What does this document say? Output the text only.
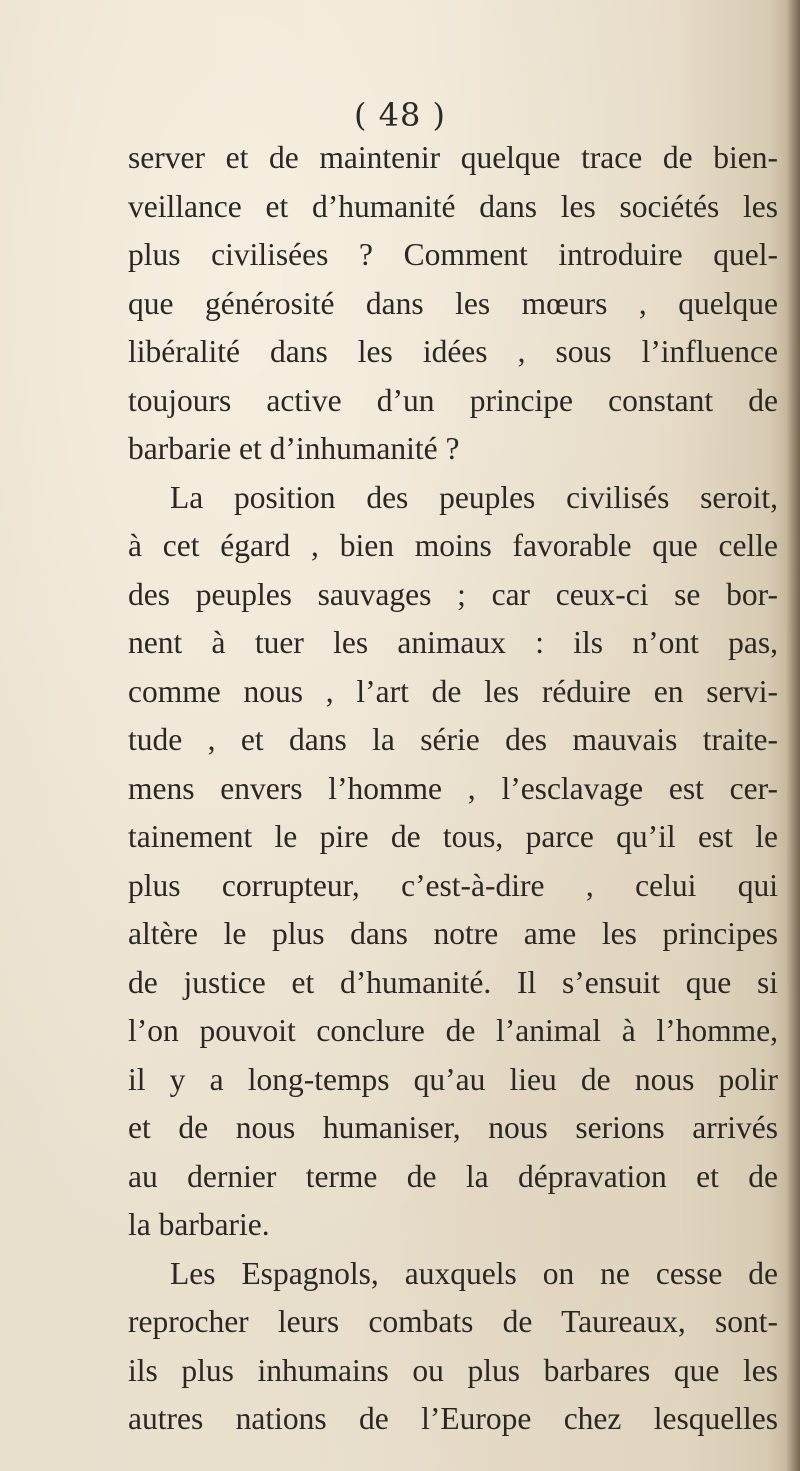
( 48 )
server et de maintenir quelque trace de bien-
veillance et d’humanité dans les sociétés les
plus civilisées ? Comment introduire quel-
que générosité dans les mœurs , quelque
libéralité dans les idées , sous l’influence
toujours active d’un principe constant de
barbarie et d’inhumanité ?
La position des peuples civilisés seroit,
à cet égard , bien moins favorable que celle
des peuples sauvages ; car ceux-ci se bor-
nent à tuer les animaux : ils n’ont pas,
comme nous , l’art de les réduire en servi-
tude , et dans la série des mauvais traite-
mens envers l’homme , l’esclavage est cer-
tainement le pire de tous, parce qu’il est le
plus corrupteur, c’est-à-dire , celui qui
altère le plus dans notre ame les principes
de justice et d’humanité. Il s’ensuit que si
l’on pouvoit conclure de l’animal à l’homme,
il y a long-temps qu’au lieu de nous polir
et de nous humaniser, nous serions arrivés
au dernier terme de la dépravation et de
la barbarie.
Les Espagnols, auxquels on ne cesse de
reprocher leurs combats de Taureaux, sont-
ils plus inhumains ou plus barbares que les
autres nations de l’Europe chez lesquelles
